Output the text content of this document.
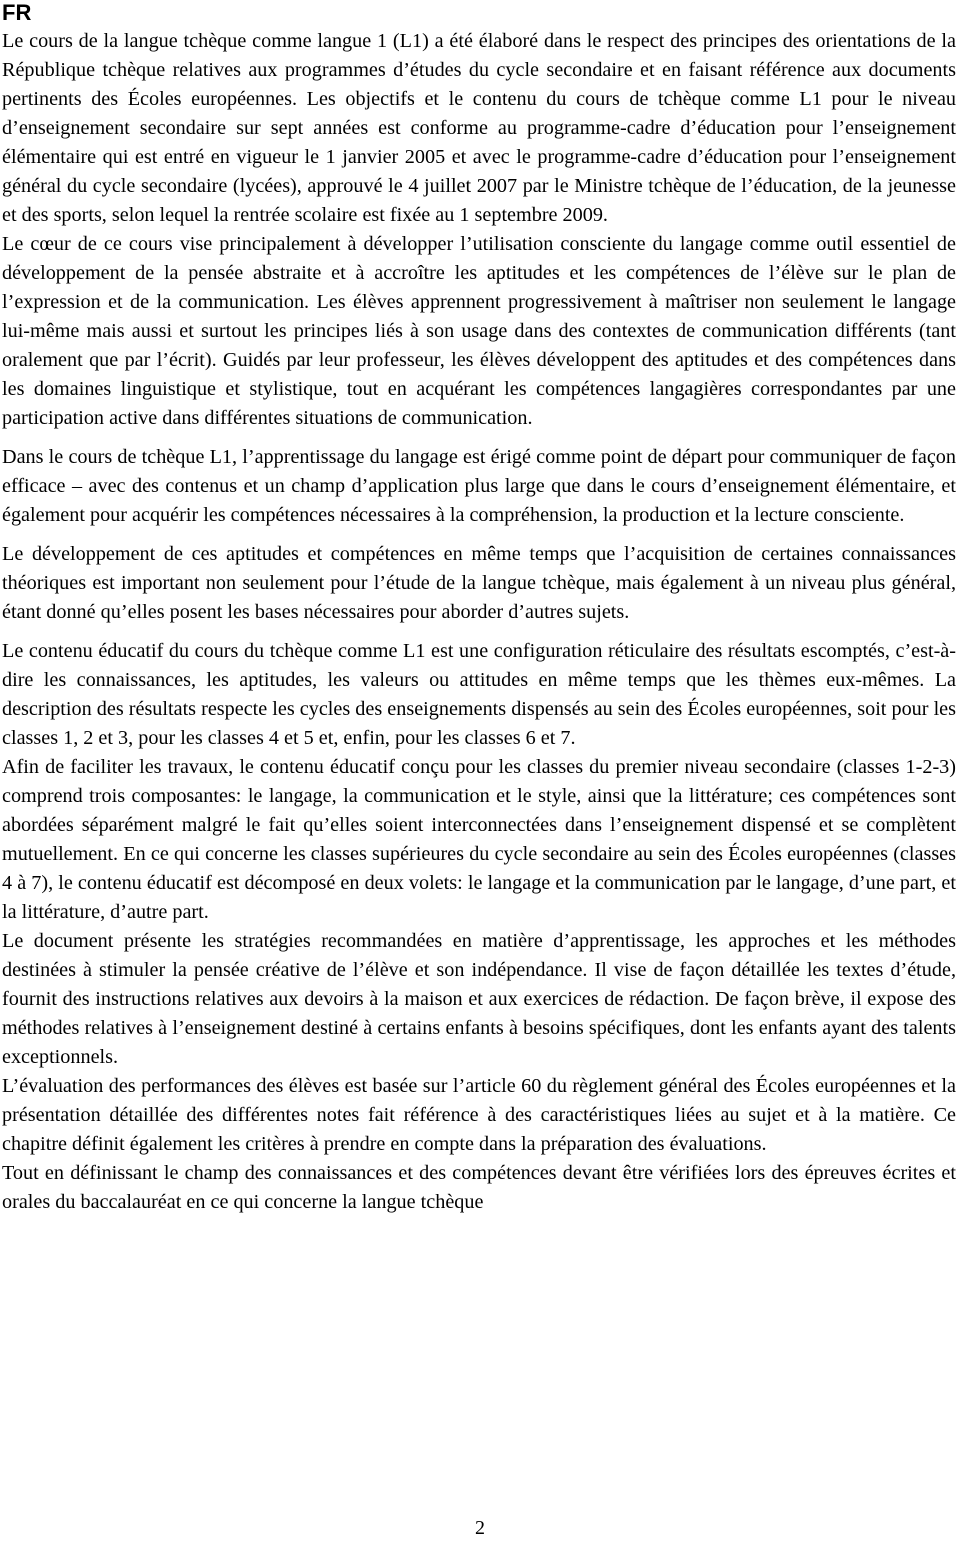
FR

Le cours de la langue tchèque comme langue 1 (L1) a été élaboré dans le respect des principes des orientations de la République tchèque relatives aux programmes d’études du cycle secondaire et en faisant référence aux documents pertinents des Écoles européennes. Les objectifs et le contenu du cours de tchèque comme L1 pour le niveau d’enseignement secondaire sur sept années est conforme au programme-cadre d’éducation pour l’enseignement élémentaire qui est entré en vigueur le 1 janvier 2005 et avec le programme-cadre d’éducation pour l’enseignement général du cycle secondaire (lycées), approuvé le 4 juillet 2007 par le Ministre tchèque de l’éducation, de la jeunesse et des sports, selon lequel la rentrée scolaire est fixée au 1 septembre 2009.

Le cœur de ce cours vise principalement à développer l’utilisation consciente du langage comme outil essentiel de développement de la pensée abstraite et à accroître les aptitudes et les compétences de l’élève sur le plan de l’expression et de la communication. Les élèves apprennent progressivement à maîtriser non seulement le langage lui-même mais aussi et surtout les principes liés à son usage dans des contextes de communication différents (tant oralement que par l’écrit). Guidés par leur professeur, les élèves développent des aptitudes et des compétences dans les domaines linguistique et stylistique, tout en acquérant les compétences langagières correspondantes par une participation active dans différentes situations de communication.

Dans le cours de tchèque L1, l’apprentissage du langage est érigé comme point de départ pour communiquer de façon efficace – avec des contenus et un champ d’application plus large que dans le cours d’enseignement élémentaire, et également pour acquérir les compétences nécessaires à la compréhension, la production et la lecture consciente.

Le développement de ces aptitudes et compétences en même temps que l’acquisition de certaines connaissances théoriques est important non seulement pour l’étude de la langue tchèque, mais également à un niveau plus général, étant donné qu’elles posent les bases nécessaires pour aborder d’autres sujets.

Le contenu éducatif du cours du tchèque comme L1 est une configuration réticulaire des résultats escomptés, c’est-à-dire les connaissances, les aptitudes, les valeurs ou attitudes en même temps que les thèmes eux-mêmes. La description des résultats respecte les cycles des enseignements dispensés au sein des Écoles européennes, soit pour les classes 1, 2 et 3, pour les classes 4 et 5 et, enfin, pour les classes 6 et 7.

Afin de faciliter les travaux, le contenu éducatif conçu pour les classes du premier niveau secondaire (classes 1-2-3) comprend trois composantes: le langage, la communication et le style, ainsi que la littérature; ces compétences sont abordées séparément malgré le fait qu’elles soient interconnectées dans l’enseignement dispensé et se complètent mutuellement. En ce qui concerne les classes supérieures du cycle secondaire au sein des Écoles européennes (classes 4 à 7), le contenu éducatif est décomposé en deux volets: le langage et la communication par le langage, d’une part, et la littérature, d’autre part.

Le document présente les stratégies recommandées en matière d’apprentissage, les approches et les méthodes destinées à stimuler la pensée créative de l’élève et son indépendance. Il vise de façon détaillée les textes d’étude, fournit des instructions relatives aux devoirs à la maison et aux exercices de rédaction. De façon brève, il expose des méthodes relatives à l’enseignement destiné à certains enfants à besoins spécifiques, dont les enfants ayant des talents exceptionnels.

L’évaluation des performances des élèves est basée sur l’article 60 du règlement général des Écoles européennes et la présentation détaillée des différentes notes fait référence à des caractéristiques liées au sujet et à la matière. Ce chapitre définit également les critères à prendre en compte dans la préparation des évaluations.

Tout en définissant le champ des connaissances et des compétences devant être vérifiées lors des épreuves écrites et orales du baccalauréat en ce qui concerne la langue tchèque

2
